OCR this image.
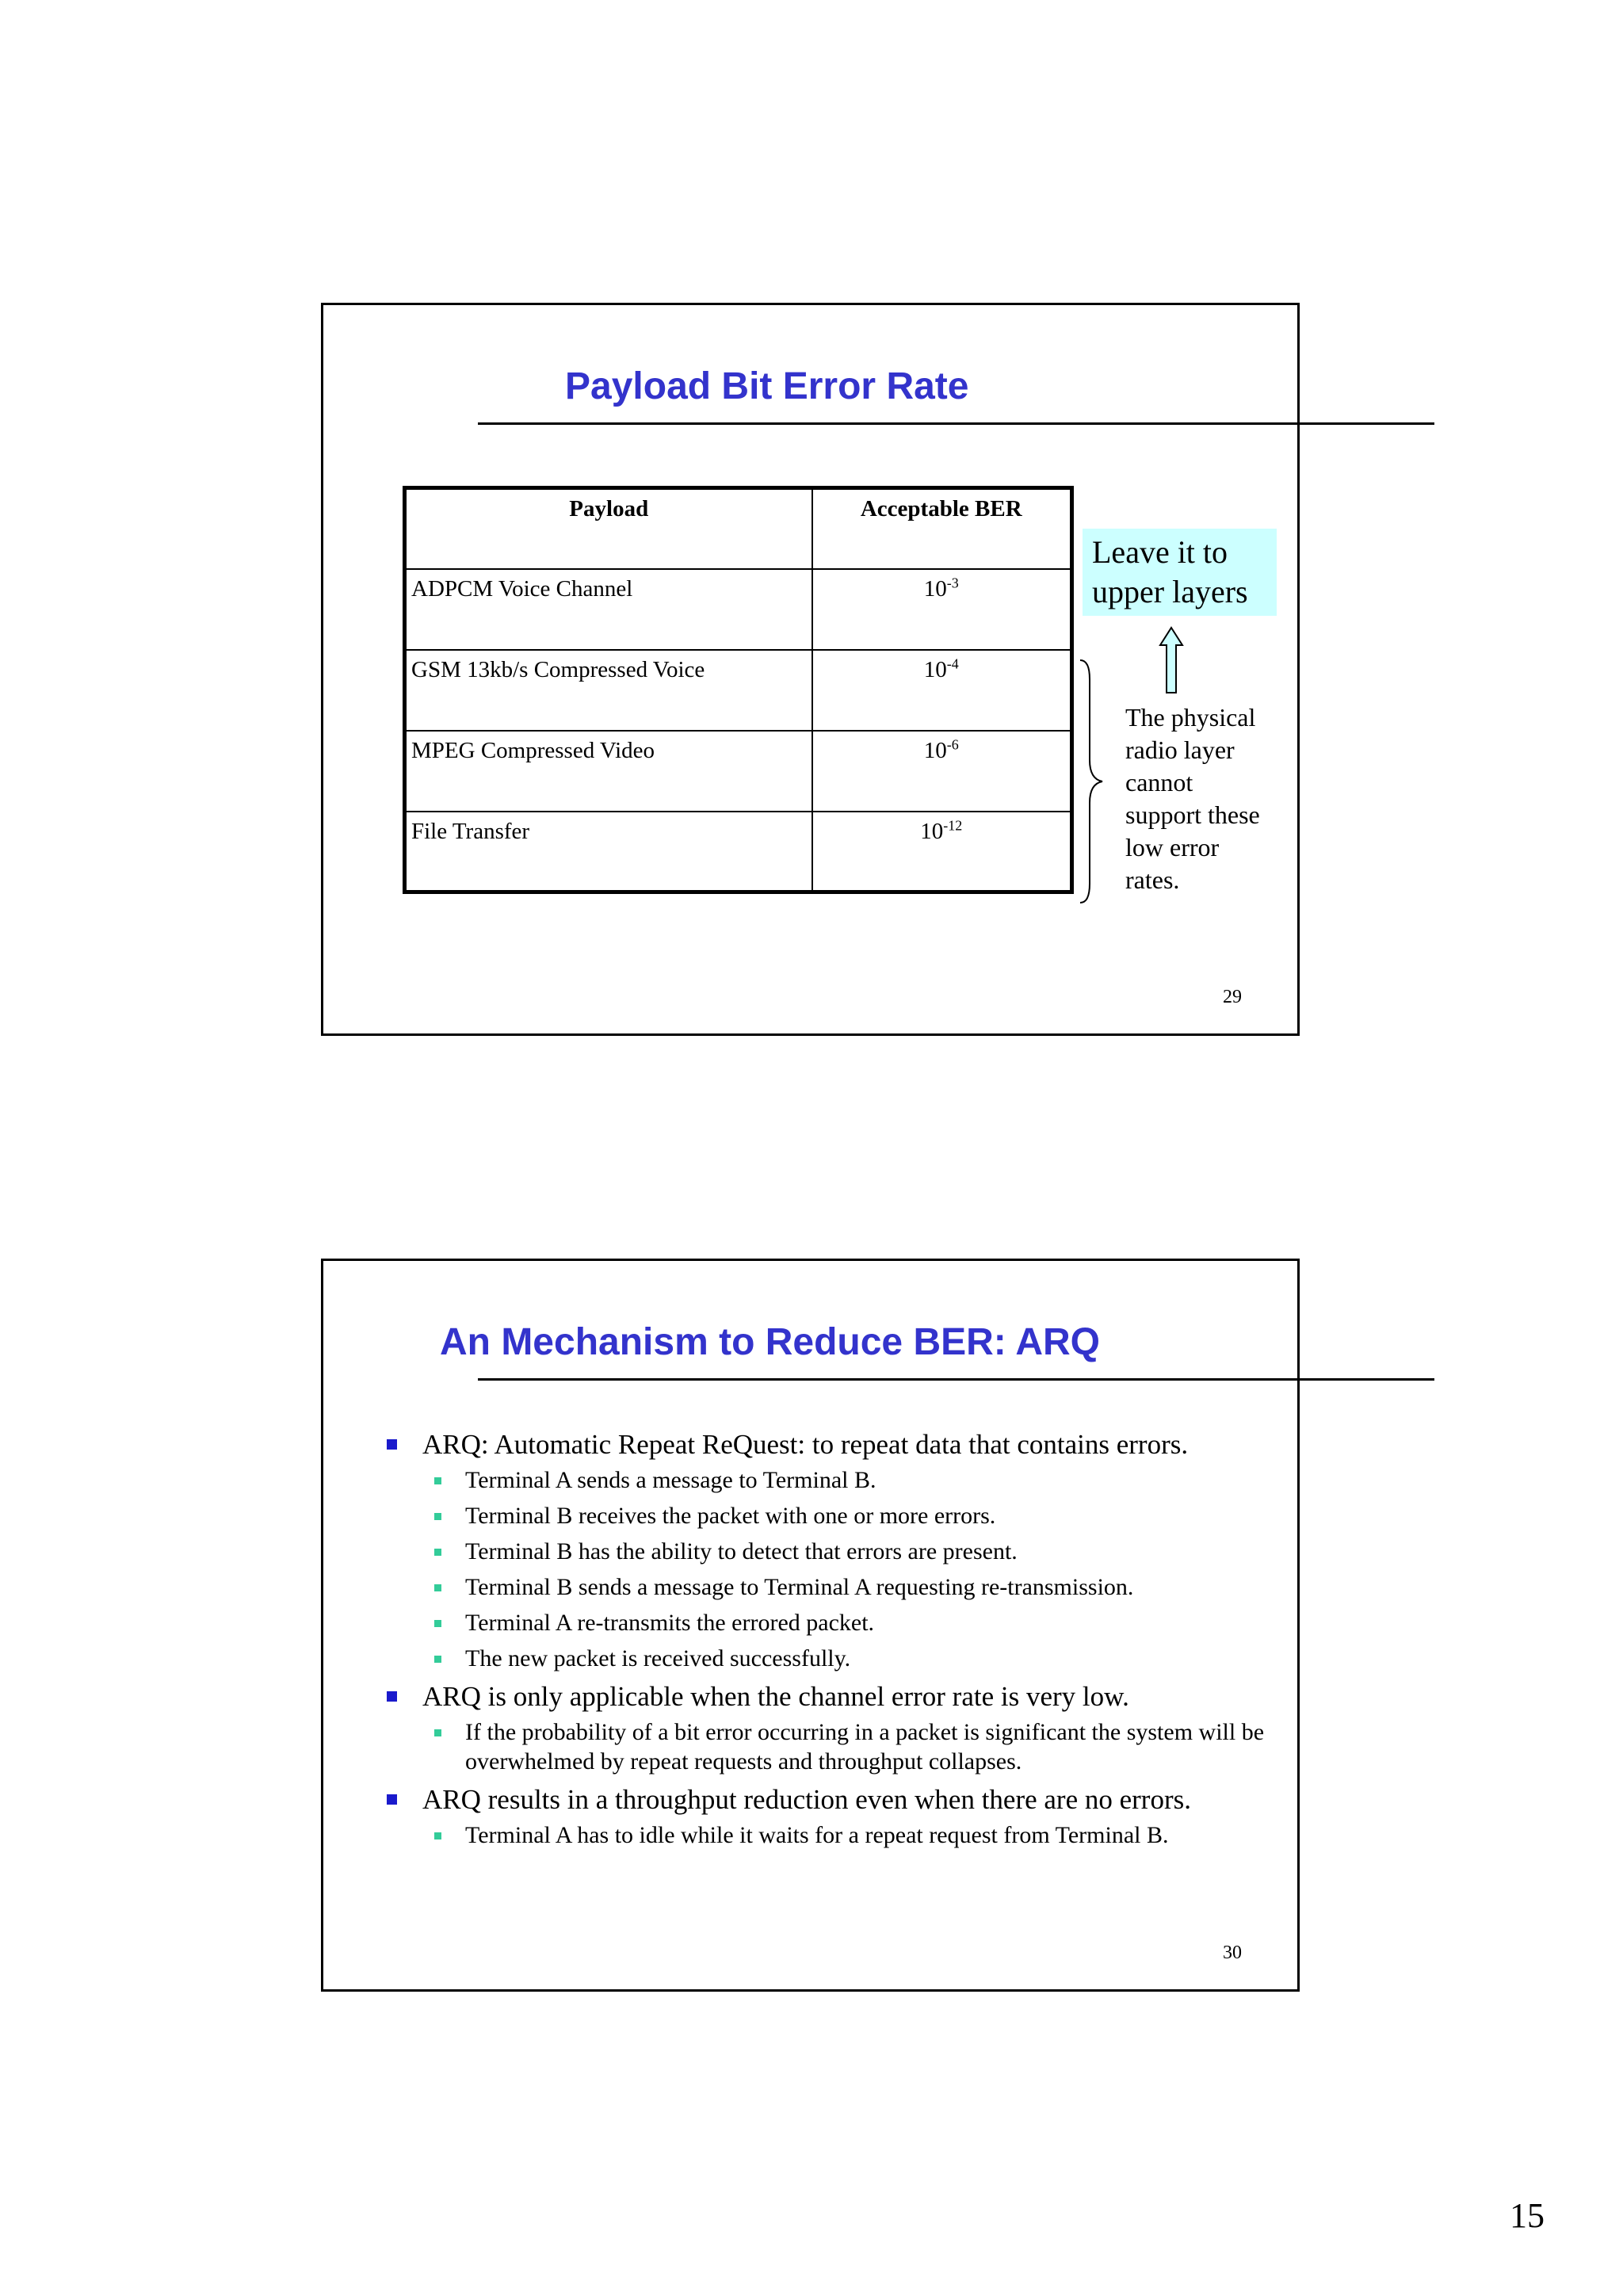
Payload Bit Error Rate
Payload	Acceptable BER
ADPCM Voice Channel	$10^{-3}$
GSM 13kb/s Compressed Voice	$10^{-4}$
MPEG Compressed Video	$10^{-6}$
File Transfer	$10^{-12}$
Leave it to
upper layers
The physical
radio layer
cannot
support these
low error
rates.
29
An Mechanism to Reduce BER: ARQ
ARQ: Automatic Repeat ReQuest: to repeat data that contains errors.
Terminal A sends a message to Terminal B.
Terminal B receives the packet with one or more errors.
Terminal B has the ability to detect that errors are present.
Terminal B sends a message to Terminal A requesting re-transmission.
Terminal A re-transmits the errored packet.
The new packet is received successfully.
ARQ is only applicable when the channel error rate is very low.
If the probability of a bit error occurring in a packet is significant the system will be overwhelmed by repeat requests and throughput collapses.
ARQ results in a throughput reduction even when there are no errors.
Terminal A has to idle while it waits for a repeat request from Terminal B.
30
15
